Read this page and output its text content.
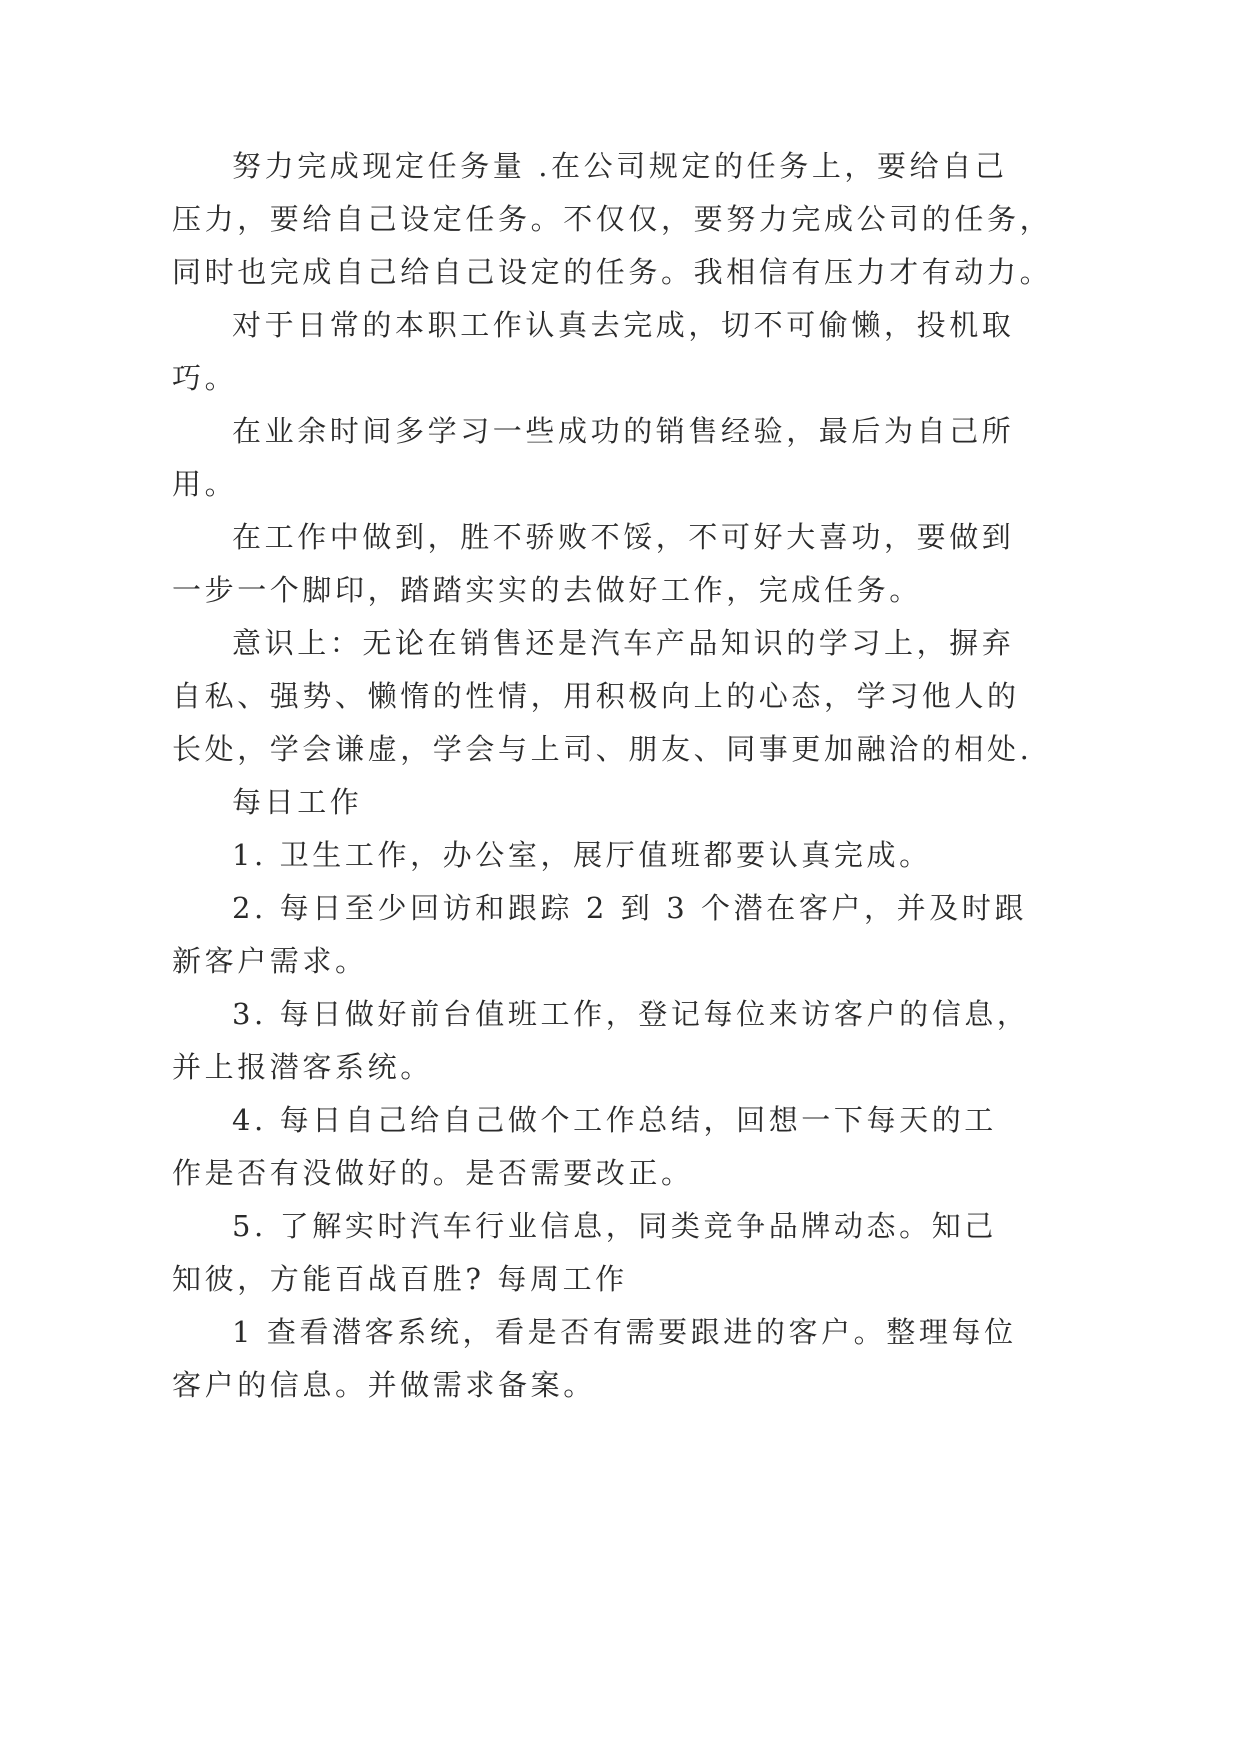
努力完成现定任务量 .在公司规定的任务上，要给自己

压力，要给自己设定任务。不仅仅，要努力完成公司的任务，

同时也完成自己给自己设定的任务。我相信有压力才有动力。

对于日常的本职工作认真去完成，切不可偷懒，投机取

巧。

在业余时间多学习一些成功的销售经验，最后为自己所

用。

在工作中做到，胜不骄败不馁，不可好大喜功，要做到

一步一个脚印，踏踏实实的去做好工作，完成任务。

意识上：无论在销售还是汽车产品知识的学习上，摒弃

自私、强势、懒惰的性情，用积极向上的心态，学习他人的

长处，学会谦虚，学会与上司、朋友、同事更加融洽的相处.

每日工作

1. 卫生工作，办公室，展厅值班都要认真完成。

2. 每日至少回访和跟踪 2 到 3 个潜在客户，并及时跟

新客户需求。

3. 每日做好前台值班工作，登记每位来访客户的信息，

并上报潜客系统。

4. 每日自己给自己做个工作总结，回想一下每天的工

作是否有没做好的。是否需要改正。

5. 了解实时汽车行业信息，同类竞争品牌动态。知己

知彼，方能百战百胜? 每周工作

1 查看潜客系统，看是否有需要跟进的客户。整理每位

客户的信息。并做需求备案。
